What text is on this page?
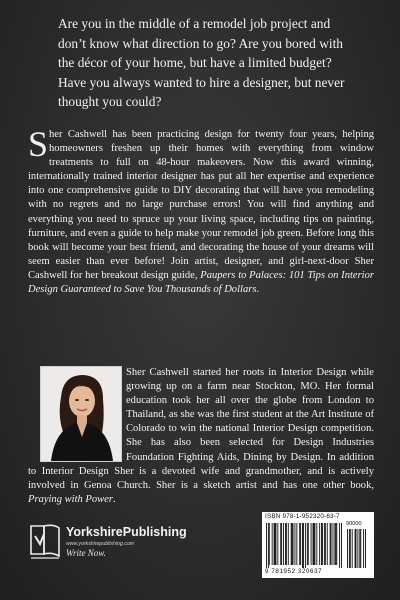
Are you in the middle of a remodel job project and don’t know what direction to go? Are you bored with the décor of your home, but have a limited budget? Have you always wanted to hire a designer, but never thought you could?

Sher Cashwell has been practicing design for twenty four years, helping homeowners freshen up their homes with everything from window treatments to full on 48-hour makeovers. Now this award winning, internationally trained interior designer has put all her expertise and experience into one comprehensive guide to DIY decorating that will have you remodeling with no regrets and no large purchase errors! You will find anything and everything you need to spruce up your living space, including tips on painting, furniture, and even a guide to help make your remodel job green. Before long this book will become your best friend, and decorating the house of your dreams will seem easier than ever before! Join artist, designer, and girl-next-door Sher Cashwell for her breakout design guide, Paupers to Palaces: 101 Tips on Interior Design Guaranteed to Save You Thousands of Dollars.

Sher Cashwell started her roots in Interior Design while growing up on a farm near Stockton, MO. Her formal education took her all over the globe from London to Thailand, as she was the first student at the Art Institute of Colorado to win the national Interior Design competition. She has also been selected for Design Industries Foundation Fighting Aids, Dining by Design. In addition to Interior Design Sher is a devoted wife and grandmother, and is actively involved in Genoa Church. Sher is a sketch artist and has one other book, Praying with Power.

YorkshirePublishing
www.yorkshirepublishing.com
Write Now.
ISBN 978-1-952320-63-7
90000
9 781952 320637
